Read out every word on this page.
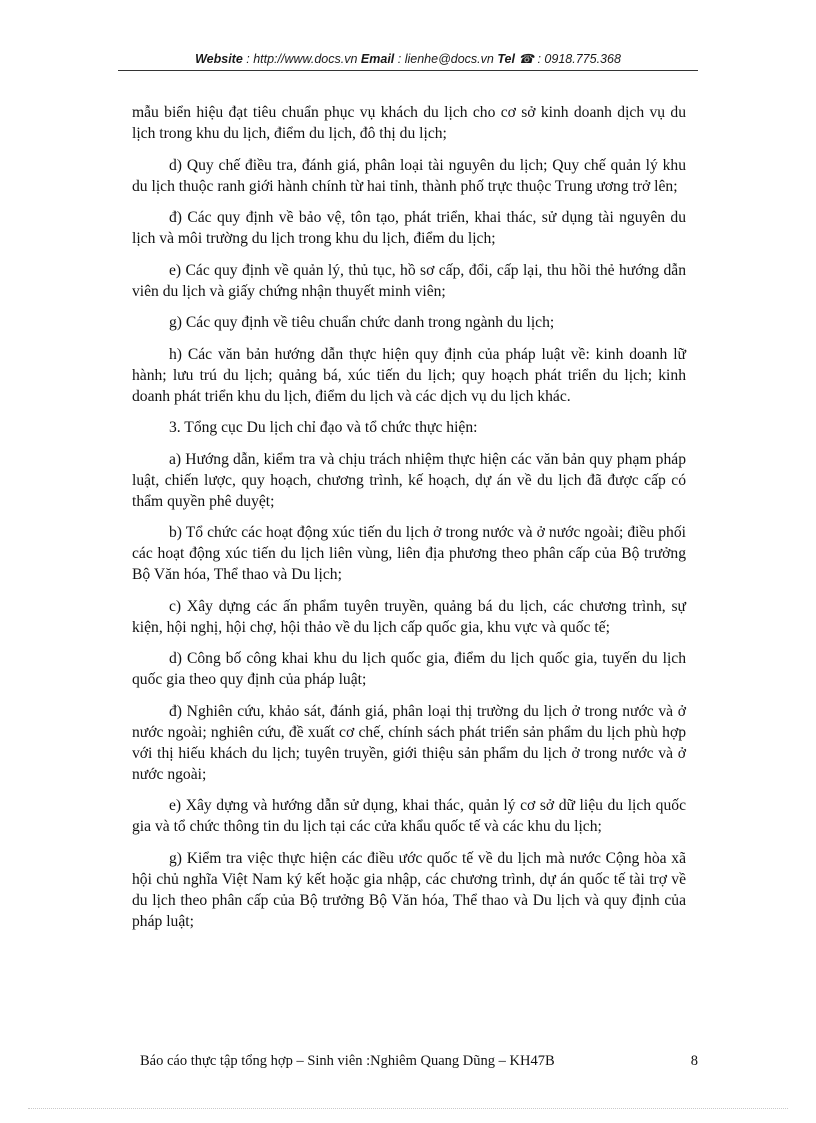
Website : http://www.docs.vn Email : lienhe@docs.vn Tel ☎ : 0918.775.368

mẫu biển hiệu đạt tiêu chuẩn phục vụ khách du lịch cho cơ sở kinh doanh dịch vụ du lịch trong khu du lịch, điểm du lịch, đô thị du lịch;

d) Quy chế điều tra, đánh giá, phân loại tài nguyên du lịch; Quy chế quản lý khu du lịch thuộc ranh giới hành chính từ hai tỉnh, thành phố trực thuộc Trung ương trở lên;

đ) Các quy định về bảo vệ, tôn tạo, phát triển, khai thác, sử dụng tài nguyên du lịch và môi trường du lịch trong khu du lịch, điểm du lịch;

e) Các quy định về quản lý, thủ tục, hồ sơ cấp, đổi, cấp lại, thu hồi thẻ hướng dẫn viên du lịch và giấy chứng nhận thuyết minh viên;

g) Các quy định về tiêu chuẩn chức danh trong ngành du lịch;

h) Các văn bản hướng dẫn thực hiện quy định của pháp luật về: kinh doanh lữ hành; lưu trú du lịch; quảng bá, xúc tiến du lịch; quy hoạch phát triển du lịch; kinh doanh phát triển khu du lịch, điểm du lịch và các dịch vụ du lịch khác.

3. Tổng cục Du lịch chỉ đạo và tổ chức thực hiện:

a) Hướng dẫn, kiểm tra và chịu trách nhiệm thực hiện các văn bản quy phạm pháp luật, chiến lược, quy hoạch, chương trình, kế hoạch, dự án về du lịch đã được cấp có thẩm quyền phê duyệt;

b) Tổ chức các hoạt động xúc tiến du lịch ở trong nước và ở nước ngoài; điều phối các hoạt động xúc tiến du lịch liên vùng, liên địa phương theo phân cấp của Bộ trưởng Bộ Văn hóa, Thể thao và Du lịch;

c) Xây dựng các ấn phẩm tuyên truyền, quảng bá du lịch, các chương trình, sự kiện, hội nghị, hội chợ, hội thảo về du lịch cấp quốc gia, khu vực và quốc tế;

d) Công bố công khai khu du lịch quốc gia, điểm du lịch quốc gia, tuyến du lịch quốc gia theo quy định của pháp luật;

đ) Nghiên cứu, khảo sát, đánh giá, phân loại thị trường du lịch ở trong nước và ở nước ngoài; nghiên cứu, đề xuất cơ chế, chính sách phát triển sản phẩm du lịch phù hợp với thị hiếu khách du lịch; tuyên truyền, giới thiệu sản phẩm du lịch ở trong nước và ở nước ngoài;

e) Xây dựng và hướng dẫn sử dụng, khai thác, quản lý cơ sở dữ liệu du lịch quốc gia và tổ chức thông tin du lịch tại các cửa khẩu quốc tế và các khu du lịch;

g) Kiểm tra việc thực hiện các điều ước quốc tế về du lịch mà nước Cộng hòa xã hội chủ nghĩa Việt Nam ký kết hoặc gia nhập, các chương trình, dự án quốc tế tài trợ về du lịch theo phân cấp của Bộ trưởng Bộ Văn hóa, Thể thao và Du lịch và quy định của pháp luật;

Báo cáo thực tập tổng hợp – Sinh viên :Nghiêm Quang Dũng – KH47B	8
